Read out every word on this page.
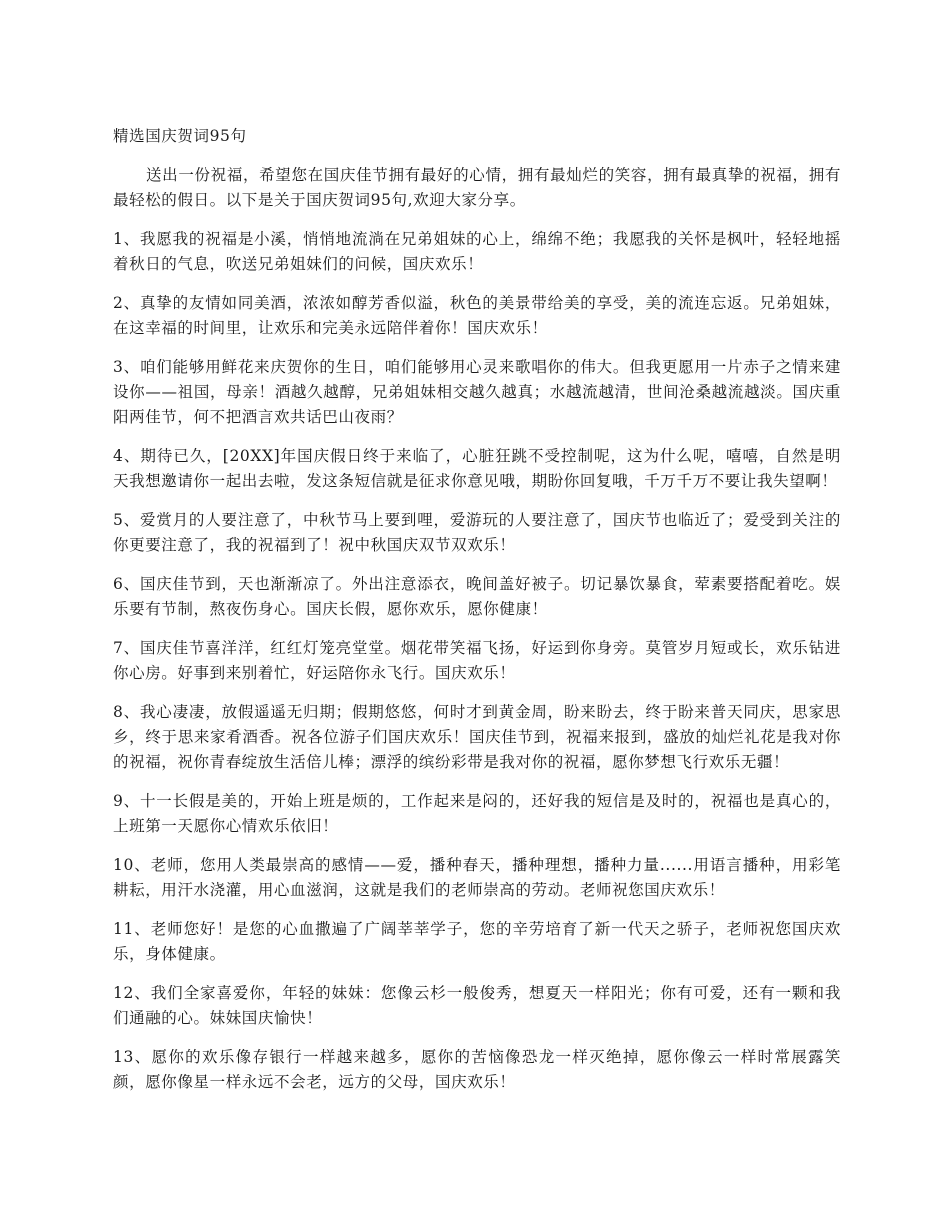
精选国庆贺词95句

送出一份祝福，希望您在国庆佳节拥有最好的心情，拥有最灿烂的笑容，拥有最真挚的祝福，拥有最轻松的假日。以下是关于国庆贺词95句,欢迎大家分享。

1、我愿我的祝福是小溪，悄悄地流淌在兄弟姐妹的心上，绵绵不绝；我愿我的关怀是枫叶，轻轻地摇着秋日的气息，吹送兄弟姐妹们的问候，国庆欢乐！

2、真挚的友情如同美酒，浓浓如醇芳香似溢，秋色的美景带给美的享受，美的流连忘返。兄弟姐妹，在这幸福的时间里，让欢乐和完美永远陪伴着你！国庆欢乐！

3、咱们能够用鲜花来庆贺你的生日，咱们能够用心灵来歌唱你的伟大。但我更愿用一片赤子之情来建设你——祖国，母亲！酒越久越醇，兄弟姐妹相交越久越真；水越流越清，世间沧桑越流越淡。国庆重阳两佳节，何不把酒言欢共话巴山夜雨？

4、期待已久，[20XX]年国庆假日终于来临了，心脏狂跳不受控制呢，这为什么呢，嘻嘻，自然是明天我想邀请你一起出去啦，发这条短信就是征求你意见哦，期盼你回复哦，千万千万不要让我失望啊！

5、爱赏月的人要注意了，中秋节马上要到哩，爱游玩的人要注意了，国庆节也临近了；爱受到关注的你更要注意了，我的祝福到了！祝中秋国庆双节双欢乐！

6、国庆佳节到，天也渐渐凉了。外出注意添衣，晚间盖好被子。切记暴饮暴食，荤素要搭配着吃。娱乐要有节制，熬夜伤身心。国庆长假，愿你欢乐，愿你健康！

7、国庆佳节喜洋洋，红红灯笼亮堂堂。烟花带笑福飞扬，好运到你身旁。莫管岁月短或长，欢乐钻进你心房。好事到来别着忙，好运陪你永飞行。国庆欢乐！

8、我心凄凄，放假遥遥无归期；假期悠悠，何时才到黄金周，盼来盼去，终于盼来普天同庆，思家思乡，终于思来家肴酒香。祝各位游子们国庆欢乐！国庆佳节到，祝福来报到，盛放的灿烂礼花是我对你的祝福，祝你青春绽放生活倍儿棒；漂浮的缤纷彩带是我对你的祝福，愿你梦想飞行欢乐无疆！

9、十一长假是美的，开始上班是烦的，工作起来是闷的，还好我的短信是及时的，祝福也是真心的，上班第一天愿你心情欢乐依旧！

10、老师，您用人类最崇高的感情——爱，播种春天，播种理想，播种力量......用语言播种，用彩笔耕耘，用汗水浇灌，用心血滋润，这就是我们的老师崇高的劳动。老师祝您国庆欢乐！

11、老师您好！是您的心血撒遍了广阔莘莘学子，您的辛劳培育了新一代天之骄子，老师祝您国庆欢乐，身体健康。

12、我们全家喜爱你，年轻的妹妹：您像云杉一般俊秀，想夏天一样阳光；你有可爱，还有一颗和我们通融的心。妹妹国庆愉快！

13、愿你的欢乐像存银行一样越来越多，愿你的苦恼像恐龙一样灭绝掉，愿你像云一样时常展露笑颜，愿你像星一样永远不会老，远方的父母，国庆欢乐！
